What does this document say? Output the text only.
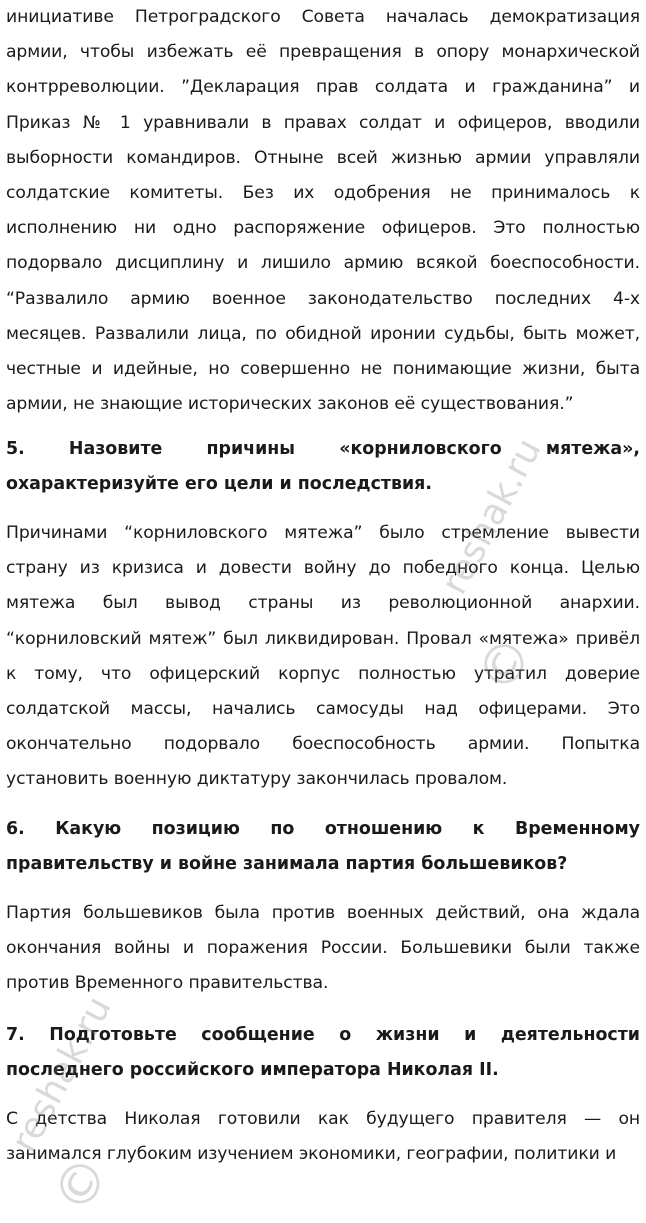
инициативе Петроградского Совета началась демократизация армии, чтобы избежать её превращения в опору монархической контрреволюции. ”Декларация прав солдата и гражданина” и Приказ № 1 уравнивали в правах солдат и офицеров, вводили выборности командиров. Отныне всей жизнью армии управляли солдатские комитеты. Без их одобрения не принималось к исполнению ни одно распоряжение офицеров. Это полностью подорвало дисциплину и лишило армию всякой боеспособности. “Развалило армию военное законодательство последних 4-х месяцев. Развалили лица, по обидной иронии судьбы, быть может, честные и идейные, но совершенно не понимающие жизни, быта армии, не знающие исторических законов её существования.”

5. Назовите причины «корниловского мятежа», охарактеризуйте его цели и последствия.

Причинами “корниловского мятежа” было стремление вывести страну из кризиса и довести войну до победного конца. Целью мятежа был вывод страны из революционной анархии. “корниловский мятеж” был ликвидирован. Провал «мятежа» привёл к тому, что офицерский корпус полностью утратил доверие солдатской массы, начались самосуды над офицерами. Это окончательно подорвало боеспособность армии. Попытка установить военную диктатуру закончилась провалом.

6. Какую позицию по отношению к Временному правительству и войне занимала партия большевиков?

Партия большевиков была против военных действий, она ждала окончания войны и поражения России. Большевики были также против Временного правительства.

7. Подготовьте сообщение о жизни и деятельности последнего российского императора Николая II.

С детства Николая готовили как будущего правителя — он занимался глубоким изучением экономики, географии, политики и

reshak.ru
©
reshak.ru
©
